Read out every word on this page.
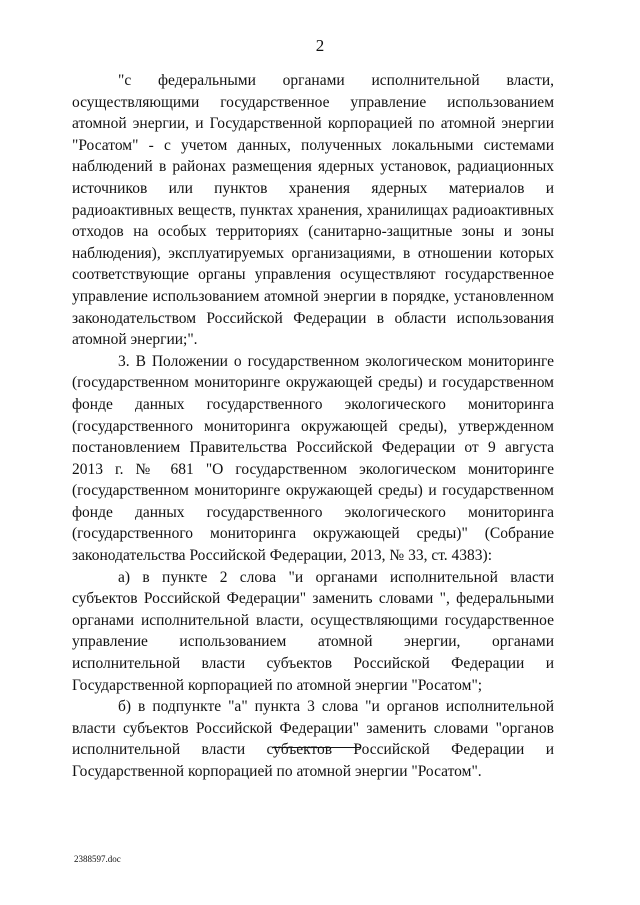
2

"с федеральными органами исполнительной власти, осуществляющими государственное управление использованием атомной энергии, и Государственной корпорацией по атомной энергии "Росатом" - с учетом данных, полученных локальными системами наблюдений в районах размещения ядерных установок, радиационных источников или пунктов хранения ядерных материалов и радиоактивных веществ, пунктах хранения, хранилищах радиоактивных отходов на особых территориях (санитарно-защитные зоны и зоны наблюдения), эксплуатируемых организациями, в отношении которых соответствующие органы управления осуществляют государственное управление использованием атомной энергии в порядке, установленном законодательством Российской Федерации в области использования атомной энергии;".

3. В Положении о государственном экологическом мониторинге (государственном мониторинге окружающей среды) и государственном фонде данных государственного экологического мониторинга (государственного мониторинга окружающей среды), утвержденном постановлением Правительства Российской Федерации от 9 августа 2013 г. № 681 "О государственном экологическом мониторинге (государственном мониторинге окружающей среды) и государственном фонде данных государственного экологического мониторинга (государственного мониторинга окружающей среды)" (Собрание законодательства Российской Федерации, 2013, № 33, ст. 4383):

а) в пункте 2 слова "и органами исполнительной власти субъектов Российской Федерации" заменить словами ", федеральными органами исполнительной власти, осуществляющими государственное управление использованием атомной энергии, органами исполнительной власти субъектов Российской Федерации и Государственной корпорацией по атомной энергии "Росатом";

б) в подпункте "а" пункта 3 слова "и органов исполнительной власти субъектов Российской Федерации" заменить словами "органов исполнительной власти субъектов Российской Федерации и Государственной корпорацией по атомной энергии "Росатом".

2388597.doc
